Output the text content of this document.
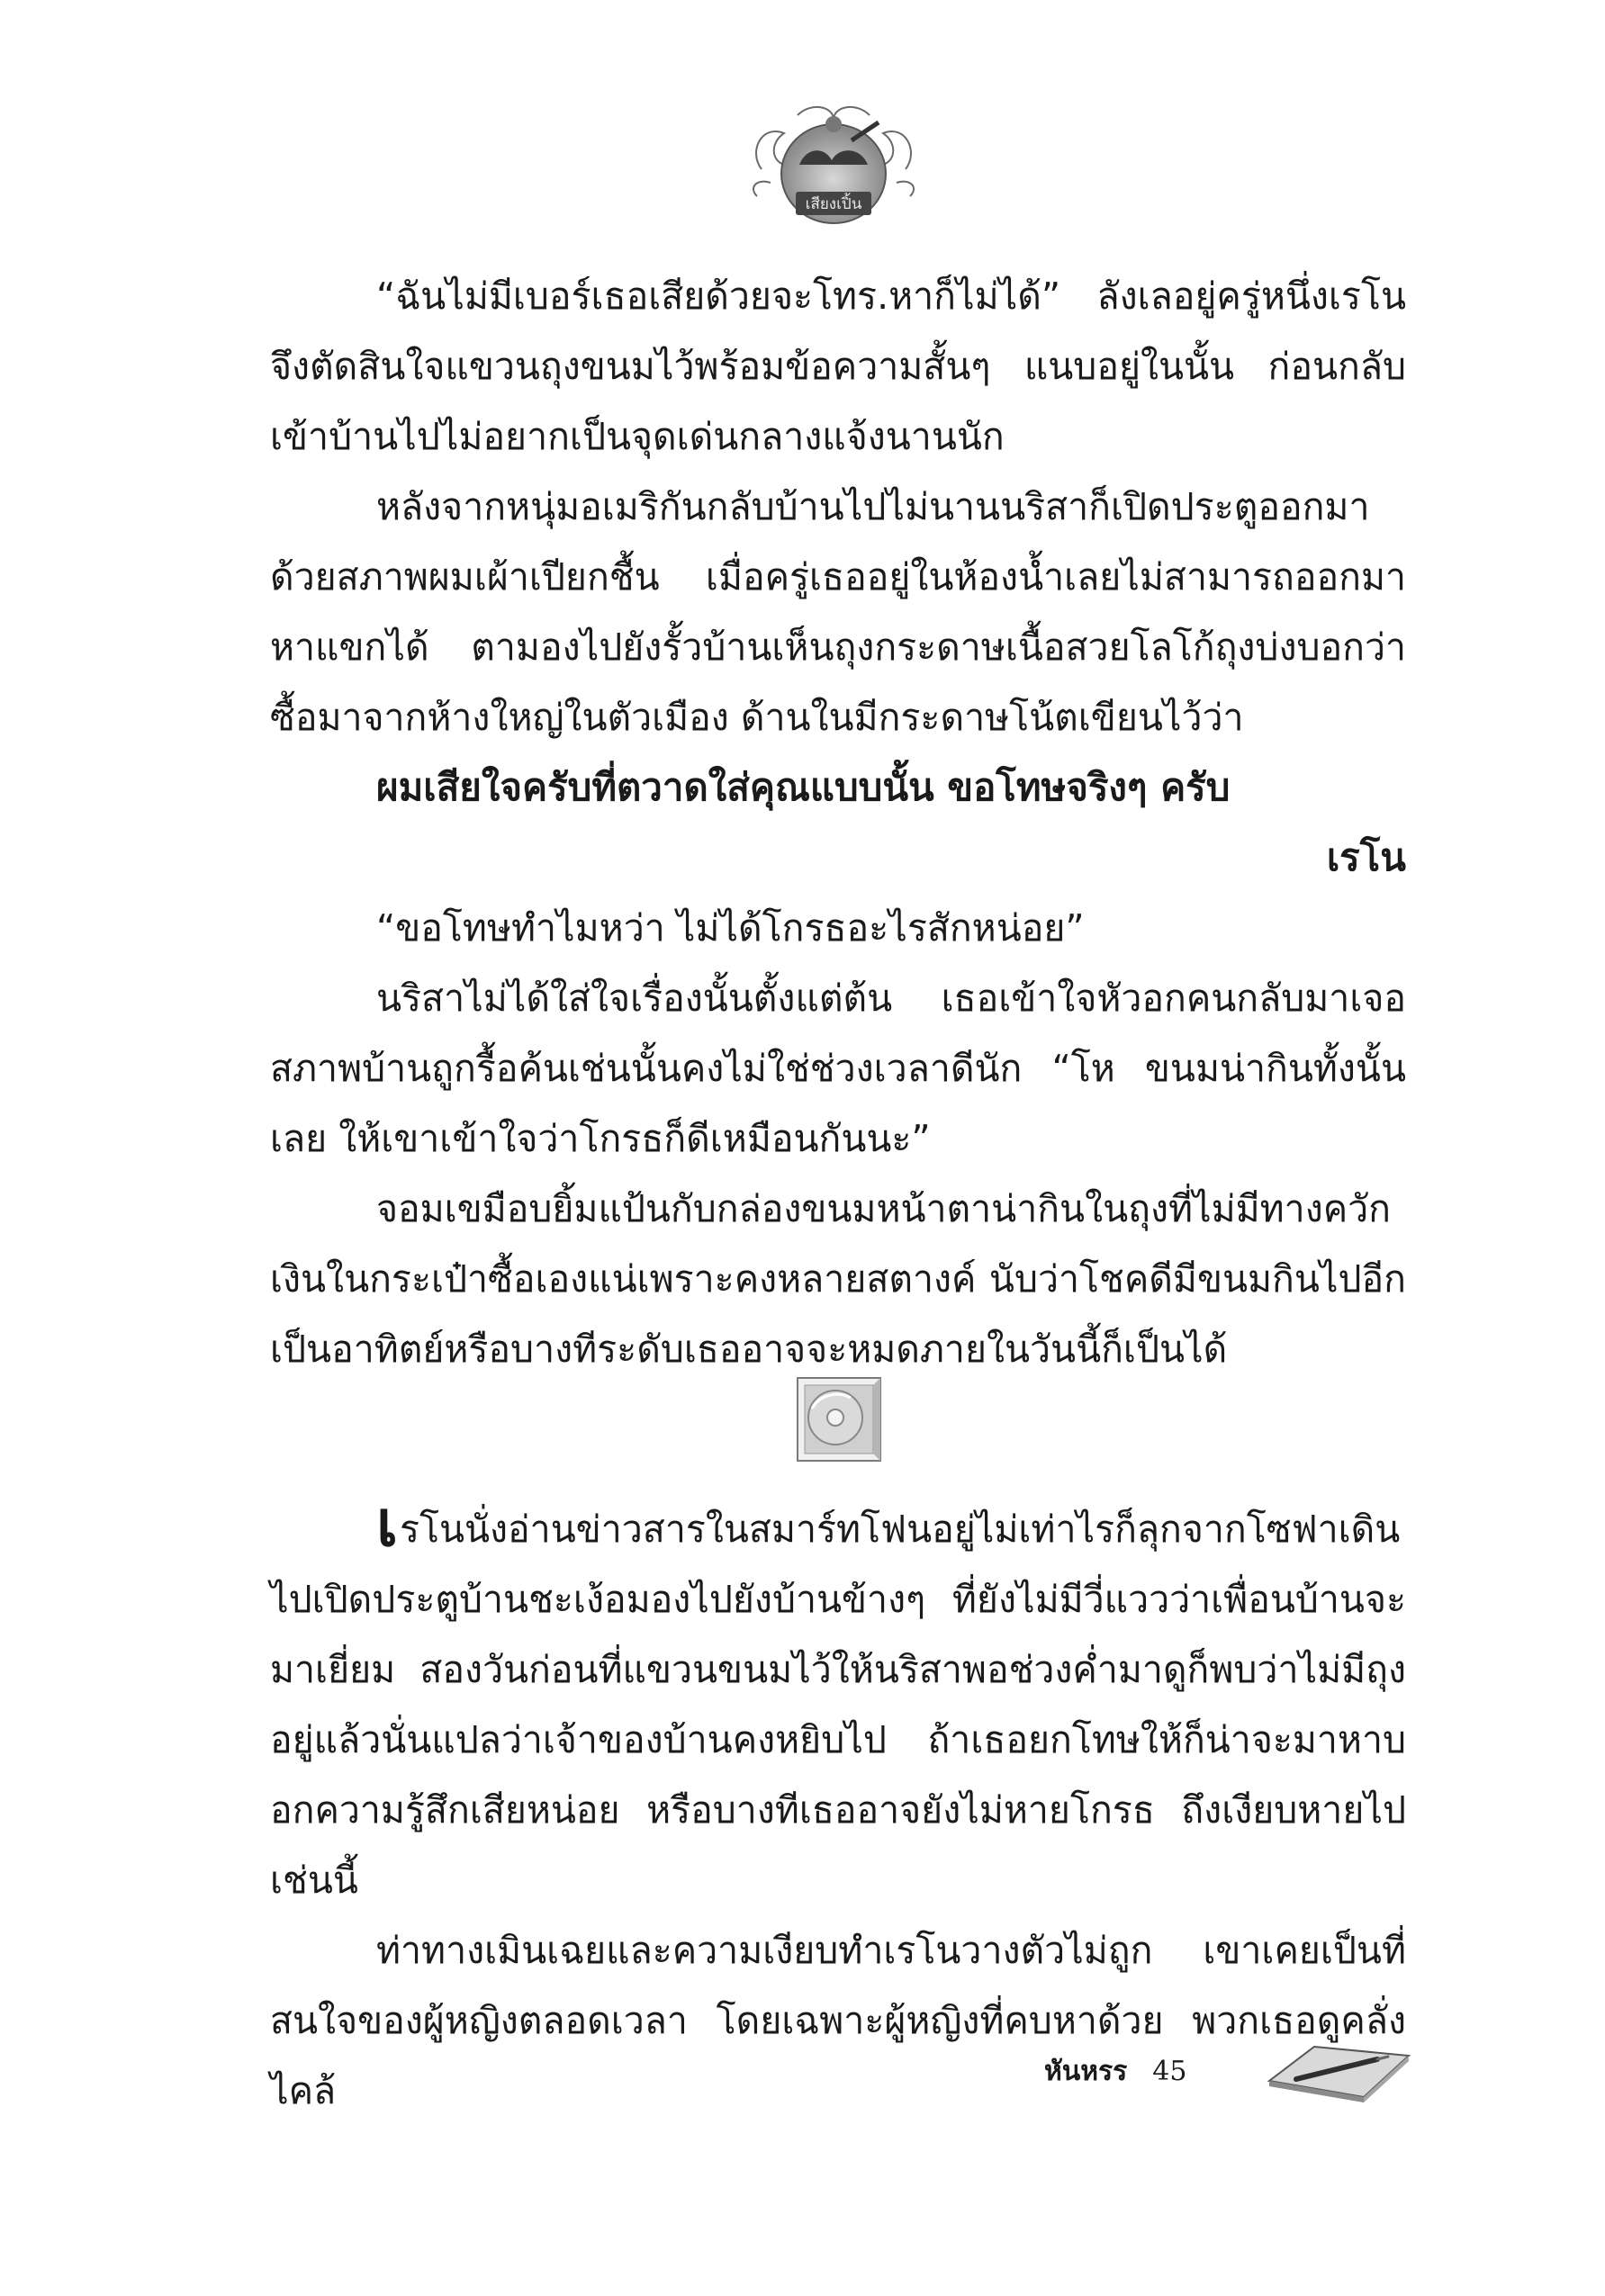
เสียงเปิ้น

“ฉันไม่มีเบอร์เธอเสียด้วยจะโทร.หาก็ไม่ได้” ลังเลอยู่ครู่หนึ่งเรโน จึงตัดสินใจแขวนถุงขนมไว้พร้อมข้อความสั้นๆ แนบอยู่ในนั้น ก่อนกลับเข้าบ้านไปไม่อยากเป็นจุดเด่นกลางแจ้งนานนัก

หลังจากหนุ่มอเมริกันกลับบ้านไปไม่นานนริสาก็เปิดประตูออกมาด้วยสภาพผมเผ้าเปียกชื้น เมื่อครู่เธออยู่ในห้องน้ำเลยไม่สามารถออกมาหาแขกได้ ตามองไปยังรั้วบ้านเห็นถุงกระดาษเนื้อสวยโลโก้ถุงบ่งบอกว่าซื้อมาจากห้างใหญ่ในตัวเมือง ด้านในมีกระดาษโน้ตเขียนไว้ว่า

ผมเสียใจครับที่ตวาดใส่คุณแบบนั้น ขอโทษจริงๆ ครับ

เรโน

“ขอโทษทำไมหว่า ไม่ได้โกรธอะไรสักหน่อย”

นริสาไม่ได้ใส่ใจเรื่องนั้นตั้งแต่ต้น เธอเข้าใจหัวอกคนกลับมาเจอสภาพบ้านถูกรื้อค้นเช่นนั้นคงไม่ใช่ช่วงเวลาดีนัก “โห ขนมน่ากินทั้งนั้นเลย ให้เขาเข้าใจว่าโกรธก็ดีเหมือนกันนะ”

จอมเขมือบยิ้มแป้นกับกล่องขนมหน้าตาน่ากินในถุงที่ไม่มีทางควักเงินในกระเป๋าซื้อเองแน่เพราะคงหลายสตางค์ นับว่าโชคดีมีขนมกินไปอีกเป็นอาทิตย์หรือบางทีระดับเธออาจจะหมดภายในวันนี้ก็เป็นได้

เรโนนั่งอ่านข่าวสารในสมาร์ทโฟนอยู่ไม่เท่าไรก็ลุกจากโซฟาเดินไปเปิดประตูบ้านชะเง้อมองไปยังบ้านข้างๆ ที่ยังไม่มีวี่แววว่าเพื่อนบ้านจะมาเยี่ยม สองวันก่อนที่แขวนขนมไว้ให้นริสาพอช่วงค่ำมาดูก็พบว่าไม่มีถุงอยู่แล้วนั่นแปลว่าเจ้าของบ้านคงหยิบไป ถ้าเธอยกโทษให้ก็น่าจะมาหาบอกความรู้สึกเสียหน่อย หรือบางทีเธออาจยังไม่หายโกรธ ถึงเงียบหายไปเช่นนี้

ท่าทางเมินเฉยและความเงียบทำเรโนวางตัวไม่ถูก เขาเคยเป็นที่สนใจของผู้หญิงตลอดเวลา โดยเฉพาะผู้หญิงที่คบหาด้วย พวกเธอดูคลั่งไคล้	หันหรร 45
